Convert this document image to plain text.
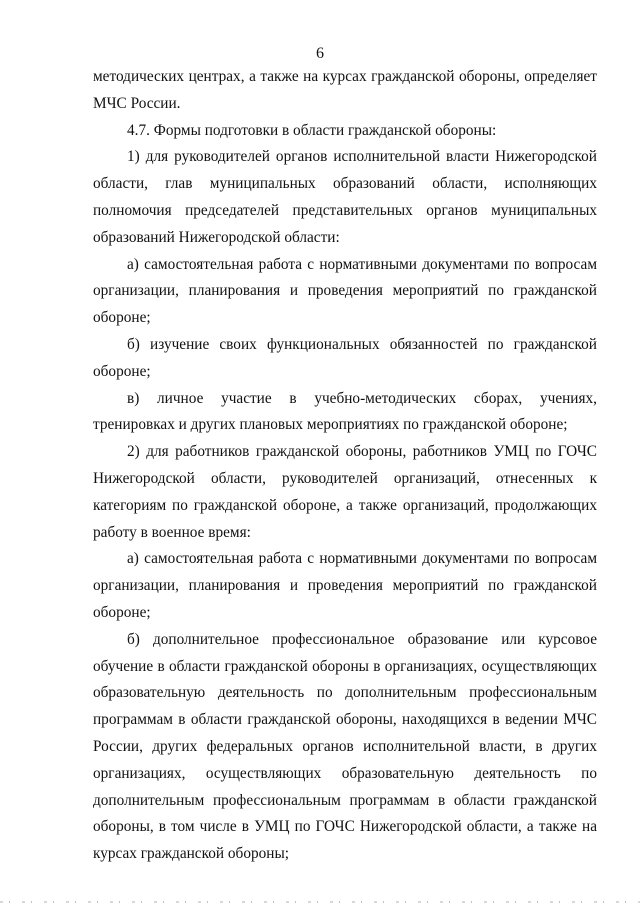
6

методических центрах, а также на курсах гражданской обороны, определяет МЧС России.

4.7. Формы подготовки в области гражданской обороны:

1) для руководителей органов исполнительной власти Нижегородской области, глав муниципальных образований области, исполняющих полномочия председателей представительных органов муниципальных образований Нижегородской области:

а) самостоятельная работа с нормативными документами по вопросам организации, планирования и проведения мероприятий по гражданской обороне;

б) изучение своих функциональных обязанностей по гражданской обороне;

в) личное участие в учебно-методических сборах, учениях, тренировках и других плановых мероприятиях по гражданской обороне;

2) для работников гражданской обороны, работников УМЦ по ГОЧС Нижегородской области, руководителей организаций, отнесенных к категориям по гражданской обороне, а также организаций, продолжающих работу в военное время:

а) самостоятельная работа с нормативными документами по вопросам организации, планирования и проведения мероприятий по гражданской обороне;

б) дополнительное профессиональное образование или курсовое обучение в области гражданской обороны в организациях, осуществляющих образовательную деятельность по дополнительным профессиональным программам в области гражданской обороны, находящихся в ведении МЧС России, других федеральных органов исполнительной власти, в других организациях, осуществляющих образовательную деятельность по дополнительным профессиональным программам в области гражданской обороны, в том числе в УМЦ по ГОЧС Нижегородской области, а также на курсах гражданской обороны;
